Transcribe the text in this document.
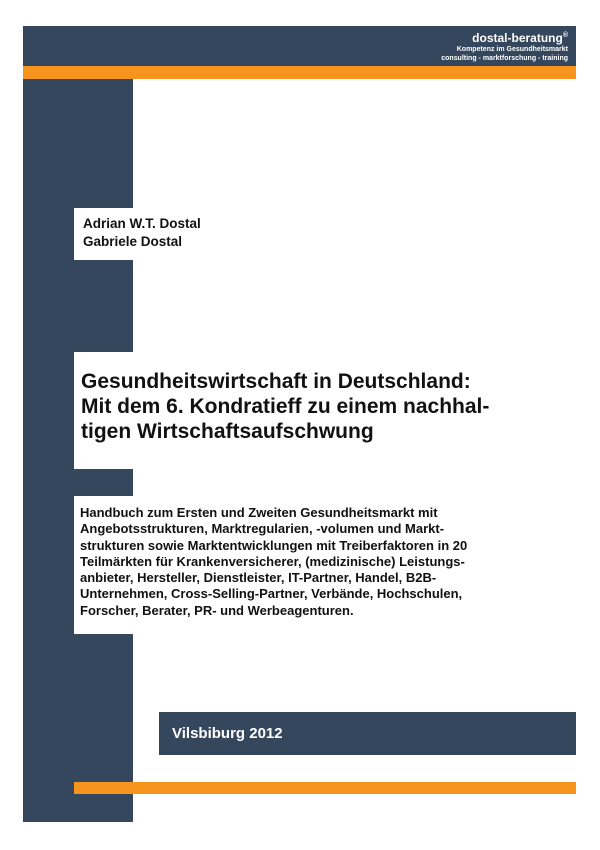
dostal-beratung®
Kompetenz im Gesundheitsmarkt
consulting - marktforschung - training
Adrian W.T. Dostal
Gabriele Dostal
Gesundheitswirtschaft in Deutschland:
Mit dem 6. Kondratieff zu einem nachhal-
tigen Wirtschaftsaufschwung
Handbuch zum Ersten und Zweiten Gesundheitsmarkt mit
Angebotsstrukturen, Marktregularien, -volumen und Markt-
strukturen sowie Marktentwicklungen mit Treiberfaktoren in 20
Teilmärkten für Krankenversicherer, (medizinische) Leistungs-
anbieter, Hersteller, Dienstleister, IT-Partner, Handel, B2B-
Unternehmen, Cross-Selling-Partner, Verbände, Hochschulen,
Forscher, Berater, PR- und Werbeagenturen.
Vilsbiburg 2012
